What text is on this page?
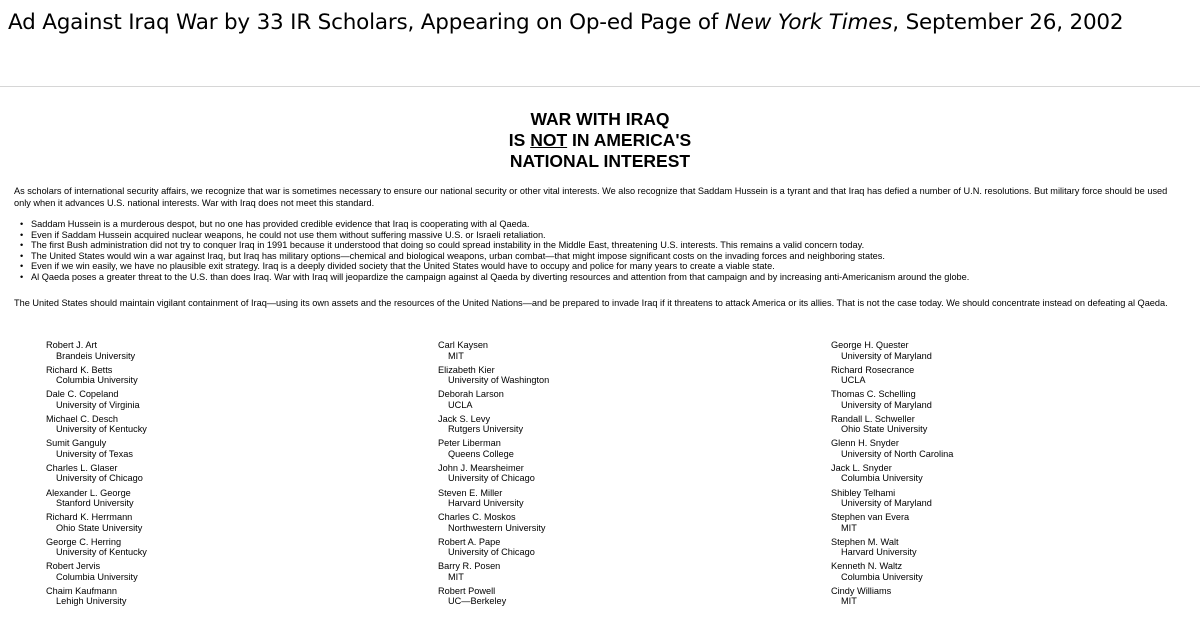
Ad Against Iraq War by 33 IR Scholars, Appearing on Op-ed Page of New York Times, September 26, 2002
WAR WITH IRAQ
IS NOT IN AMERICA'S
NATIONAL INTEREST
As scholars of international security affairs, we recognize that war is sometimes necessary to ensure our national security or other vital interests. We also recognize that Saddam Hussein is a tyrant and that Iraq has defied a number of U.N. resolutions. But military force should be used only when it advances U.S. national interests. War with Iraq does not meet this standard.
• Saddam Hussein is a murderous despot, but no one has provided credible evidence that Iraq is cooperating with al Qaeda.
• Even if Saddam Hussein acquired nuclear weapons, he could not use them without suffering massive U.S. or Israeli retaliation.
• The first Bush administration did not try to conquer Iraq in 1991 because it understood that doing so could spread instability in the Middle East, threatening U.S. interests. This remains a valid concern today.
• The United States would win a war against Iraq, but Iraq has military options—chemical and biological weapons, urban combat—that might impose significant costs on the invading forces and neighboring states.
• Even if we win easily, we have no plausible exit strategy. Iraq is a deeply divided society that the United States would have to occupy and police for many years to create a viable state.
• Al Qaeda poses a greater threat to the U.S. than does Iraq. War with Iraq will jeopardize the campaign against al Qaeda by diverting resources and attention from that campaign and by increasing anti-Americanism around the globe.
The United States should maintain vigilant containment of Iraq—using its own assets and the resources of the United Nations—and be prepared to invade Iraq if it threatens to attack America or its allies. That is not the case today. We should concentrate instead on defeating al Qaeda.
Robert J. Art
Brandeis University
Richard K. Betts
Columbia University
Dale C. Copeland
University of Virginia
Michael C. Desch
University of Kentucky
Sumit Ganguly
University of Texas
Charles L. Glaser
University of Chicago
Alexander L. George
Stanford University
Richard K. Herrmann
Ohio State University
George C. Herring
University of Kentucky
Robert Jervis
Columbia University
Chaim Kaufmann
Lehigh University
Carl Kaysen
MIT
Elizabeth Kier
University of Washington
Deborah Larson
UCLA
Jack S. Levy
Rutgers University
Peter Liberman
Queens College
John J. Mearsheimer
University of Chicago
Steven E. Miller
Harvard University
Charles C. Moskos
Northwestern University
Robert A. Pape
University of Chicago
Barry R. Posen
MIT
Robert Powell
UC—Berkeley
George H. Quester
University of Maryland
Richard Rosecrance
UCLA
Thomas C. Schelling
University of Maryland
Randall L. Schweller
Ohio State University
Glenn H. Snyder
University of North Carolina
Jack L. Snyder
Columbia University
Shibley Telhami
University of Maryland
Stephen van Evera
MIT
Stephen M. Walt
Harvard University
Kenneth N. Waltz
Columbia University
Cindy Williams
MIT
